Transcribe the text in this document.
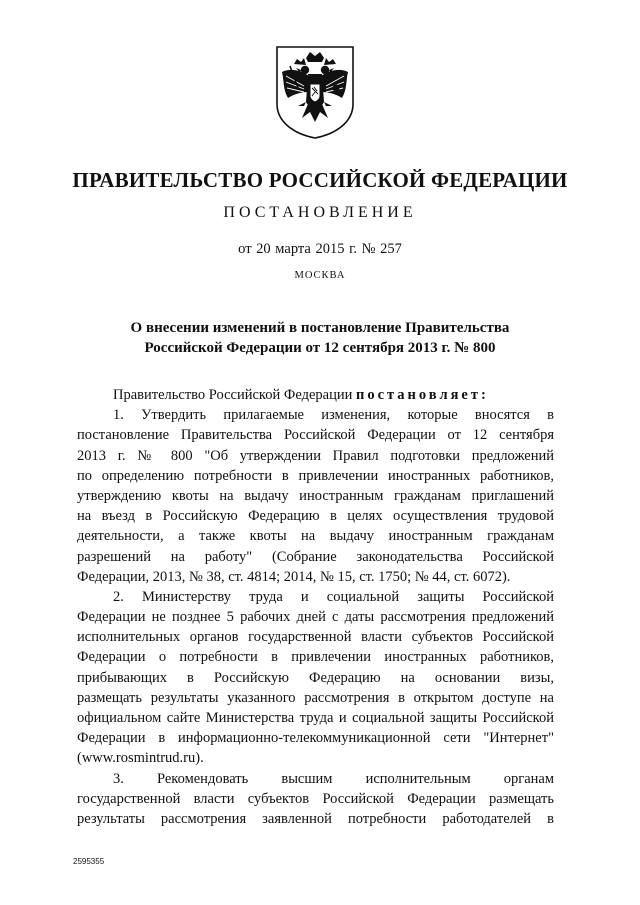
ПРАВИТЕЛЬСТВО РОССИЙСКОЙ ФЕДЕРАЦИИ
ПОСТАНОВЛЕНИЕ
от 20 марта 2015 г. № 257
МОСКВА
О внесении изменений в постановление Правительства
Российской Федерации от 12 сентября 2013 г. № 800
Правительство Российской Федерации постановляет:
1. Утвердить прилагаемые изменения, которые вносятся в
постановление Правительства Российской Федерации от 12 сентября
2013 г. № 800 "Об утверждении Правил подготовки предложений
по определению потребности в привлечении иностранных работников,
утверждению квоты на выдачу иностранным гражданам приглашений
на въезд в Российскую Федерацию в целях осуществления трудовой
деятельности, а также квоты на выдачу иностранным гражданам
разрешений на работу" (Собрание законодательства Российской
Федерации, 2013, № 38, ст. 4814; 2014, № 15, ст. 1750; № 44, ст. 6072).
2. Министерству труда и социальной защиты Российской
Федерации не позднее 5 рабочих дней с даты рассмотрения предложений
исполнительных органов государственной власти субъектов Российской
Федерации о потребности в привлечении иностранных работников,
прибывающих в Российскую Федерацию на основании визы,
размещать результаты указанного рассмотрения в открытом доступе на
официальном сайте Министерства труда и социальной защиты Российской
Федерации в информационно-телекоммуникационной сети "Интернет"
(www.rosmintrud.ru).
3. Рекомендовать высшим исполнительным органам
государственной власти субъектов Российской Федерации размещать
результаты рассмотрения заявленной потребности работодателей в
2595355
